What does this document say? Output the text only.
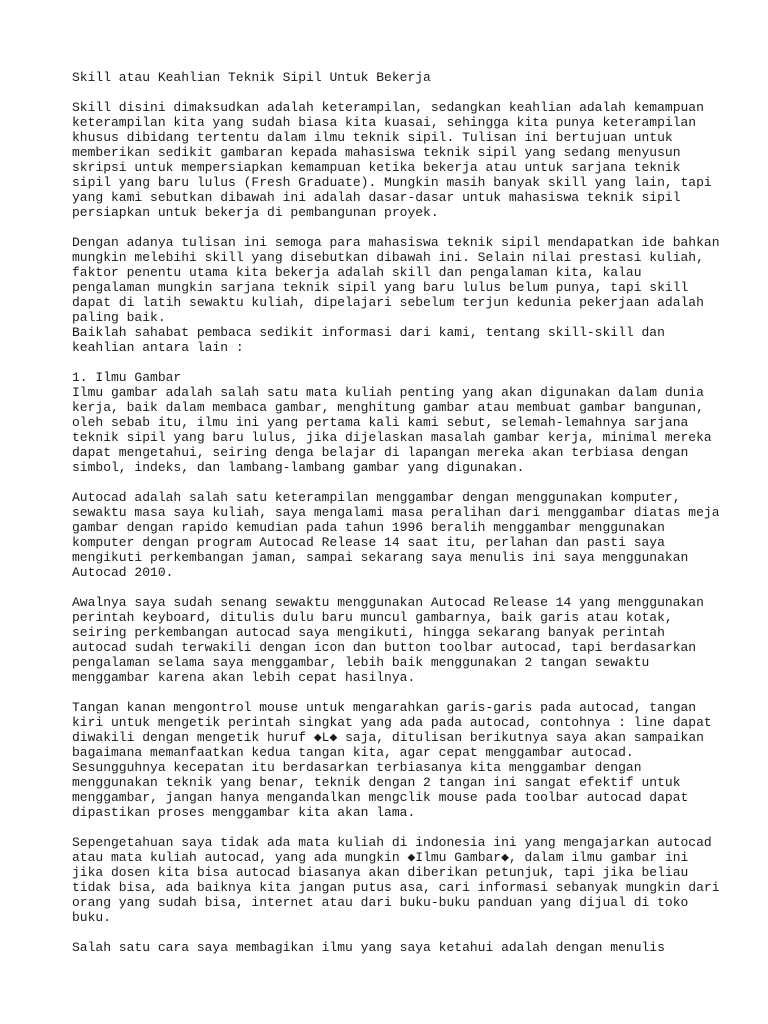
Skill atau Keahlian Teknik Sipil Untuk Bekerja
Skill disini dimaksudkan adalah keterampilan, sedangkan keahlian adalah kemampuan
keterampilan kita yang sudah biasa kita kuasai, sehingga kita punya keterampilan
khusus dibidang tertentu dalam ilmu teknik sipil. Tulisan ini bertujuan untuk
memberikan sedikit gambaran kepada mahasiswa teknik sipil yang sedang menyusun
skripsi untuk mempersiapkan kemampuan ketika bekerja atau untuk sarjana teknik
sipil yang baru lulus (Fresh Graduate). Mungkin masih banyak skill yang lain, tapi
yang kami sebutkan dibawah ini adalah dasar-dasar untuk mahasiswa teknik sipil
persiapkan untuk bekerja di pembangunan proyek.
Dengan adanya tulisan ini semoga para mahasiswa teknik sipil mendapatkan ide bahkan
mungkin melebihi skill yang disebutkan dibawah ini. Selain nilai prestasi kuliah,
faktor penentu utama kita bekerja adalah skill dan pengalaman kita, kalau
pengalaman mungkin sarjana teknik sipil yang baru lulus belum punya, tapi skill
dapat di latih sewaktu kuliah, dipelajari sebelum terjun kedunia pekerjaan adalah
paling baik.
Baiklah sahabat pembaca sedikit informasi dari kami, tentang skill-skill dan
keahlian antara lain :
1. Ilmu Gambar
Ilmu gambar adalah salah satu mata kuliah penting yang akan digunakan dalam dunia
kerja, baik dalam membaca gambar, menghitung gambar atau membuat gambar bangunan,
oleh sebab itu, ilmu ini yang pertama kali kami sebut, selemah-lemahnya sarjana
teknik sipil yang baru lulus, jika dijelaskan masalah gambar kerja, minimal mereka
dapat mengetahui, seiring denga belajar di lapangan mereka akan terbiasa dengan
simbol, indeks, dan lambang-lambang gambar yang digunakan.
Autocad adalah salah satu keterampilan menggambar dengan menggunakan komputer,
sewaktu masa saya kuliah, saya mengalami masa peralihan dari menggambar diatas meja
gambar dengan rapido kemudian pada tahun 1996 beralih menggambar menggunakan
komputer dengan program Autocad Release 14 saat itu, perlahan dan pasti saya
mengikuti perkembangan jaman, sampai sekarang saya menulis ini saya menggunakan
Autocad 2010.
Awalnya saya sudah senang sewaktu menggunakan Autocad Release 14 yang menggunakan
perintah keyboard, ditulis dulu baru muncul gambarnya, baik garis atau kotak,
seiring perkembangan autocad saya mengikuti, hingga sekarang banyak perintah
autocad sudah terwakili dengan icon dan button toolbar autocad, tapi berdasarkan
pengalaman selama saya menggambar, lebih baik menggunakan 2 tangan sewaktu
menggambar karena akan lebih cepat hasilnya.
Tangan kanan mengontrol mouse untuk mengarahkan garis-garis pada autocad, tangan
kiri untuk mengetik perintah singkat yang ada pada autocad, contohnya : line dapat
diwakili dengan mengetik huruf ◆L◆ saja, ditulisan berikutnya saya akan sampaikan
bagaimana memanfaatkan kedua tangan kita, agar cepat menggambar autocad.
Sesungguhnya kecepatan itu berdasarkan terbiasanya kita menggambar dengan
menggunakan teknik yang benar, teknik dengan 2 tangan ini sangat efektif untuk
menggambar, jangan hanya mengandalkan mengclik mouse pada toolbar autocad dapat
dipastikan proses menggambar kita akan lama.
Sepengetahuan saya tidak ada mata kuliah di indonesia ini yang mengajarkan autocad
atau mata kuliah autocad, yang ada mungkin ◆Ilmu Gambar◆, dalam ilmu gambar ini
jika dosen kita bisa autocad biasanya akan diberikan petunjuk, tapi jika beliau
tidak bisa, ada baiknya kita jangan putus asa, cari informasi sebanyak mungkin dari
orang yang sudah bisa, internet atau dari buku-buku panduan yang dijual di toko
buku.
Salah satu cara saya membagikan ilmu yang saya ketahui adalah dengan menulis
